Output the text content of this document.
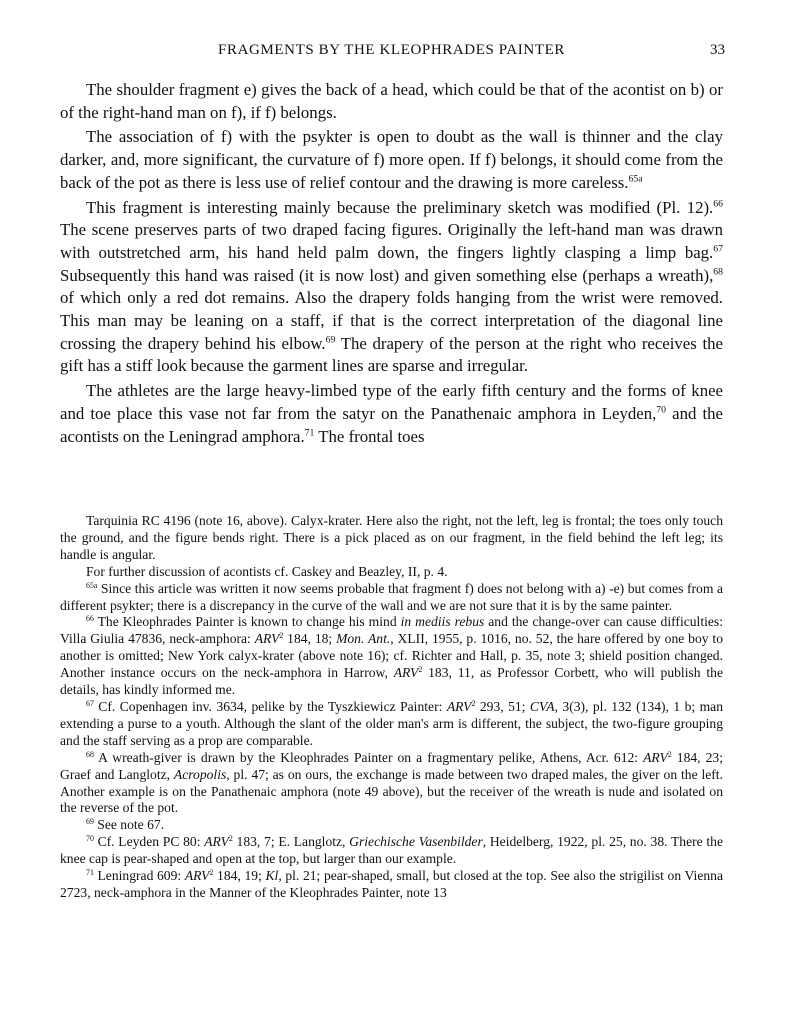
FRAGMENTS BY THE KLEOPHRADES PAINTER	33

The shoulder fragment e) gives the back of a head, which could be that of the acontist on b) or of the right-hand man on f), if f) belongs.

The association of f) with the psykter is open to doubt as the wall is thinner and the clay darker, and, more significant, the curvature of f) more open. If f) belongs, it should come from the back of the pot as there is less use of relief contour and the drawing is more careless.$^{65a}$

This fragment is interesting mainly because the preliminary sketch was modified (Pl. 12).$^{66}$ The scene preserves parts of two draped facing figures. Originally the left-hand man was drawn with outstretched arm, his hand held palm down, the fingers lightly clasping a limp bag.$^{67}$ Subsequently this hand was raised (it is now lost) and given something else (perhaps a wreath),$^{68}$ of which only a red dot remains. Also the drapery folds hanging from the wrist were removed. This man may be leaning on a staff, if that is the correct interpretation of the diagonal line crossing the drapery behind his elbow.$^{69}$ The drapery of the person at the right who receives the gift has a stiff look because the garment lines are sparse and irregular.

The athletes are the large heavy-limbed type of the early fifth century and the forms of knee and toe place this vase not far from the satyr on the Panathenaic amphora in Leyden,$^{70}$ and the acontists on the Leningrad amphora.$^{71}$ The frontal toes

Tarquinia RC 4196 (note 16, above). Calyx-krater. Here also the right, not the left, leg is frontal; the toes only touch the ground, and the figure bends right. There is a pick placed as on our fragment, in the field behind the left leg; its handle is angular.

For further discussion of acontists cf. Caskey and Beazley, II, p. 4.

$^{65a}$ Since this article was written it now seems probable that fragment f) does not belong with a) -e) but comes from a different psykter; there is a discrepancy in the curve of the wall and we are not sure that it is by the same painter.

$^{66}$ The Kleophrades Painter is known to change his mind in mediis rebus and the change-over can cause difficulties: Villa Giulia 47836, neck-amphora: ARV$^2$ 184, 18; Mon. Ant., XLII, 1955, p. 1016, no. 52, the hare offered by one boy to another is omitted; New York calyx-krater (above note 16); cf. Richter and Hall, p. 35, note 3; shield position changed. Another instance occurs on the neck-amphora in Harrow, ARV$^2$ 183, 11, as Professor Corbett, who will publish the details, has kindly informed me.

$^{67}$ Cf. Copenhagen inv. 3634, pelike by the Tyszkiewicz Painter: ARV$^2$ 293, 51; CVA, 3(3), pl. 132 (134), 1 b; man extending a purse to a youth. Although the slant of the older man's arm is different, the subject, the two-figure grouping and the staff serving as a prop are comparable.

$^{68}$ A wreath-giver is drawn by the Kleophrades Painter on a fragmentary pelike, Athens, Acr. 612: ARV$^2$ 184, 23; Graef and Langlotz, Acropolis, pl. 47; as on ours, the exchange is made between two draped males, the giver on the left. Another example is on the Panathenaic amphora (note 49 above), but the receiver of the wreath is nude and isolated on the reverse of the pot.

$^{69}$ See note 67.

$^{70}$ Cf. Leyden PC 80: ARV$^2$ 183, 7; E. Langlotz, Griechische Vasenbilder, Heidelberg, 1922, pl. 25, no. 38. There the knee cap is pear-shaped and open at the top, but larger than our example.

$^{71}$ Leningrad 609: ARV$^2$ 184, 19; Kl, pl. 21; pear-shaped, small, but closed at the top. See also the strigilist on Vienna 2723, neck-amphora in the Manner of the Kleophrades Painter, note 13
